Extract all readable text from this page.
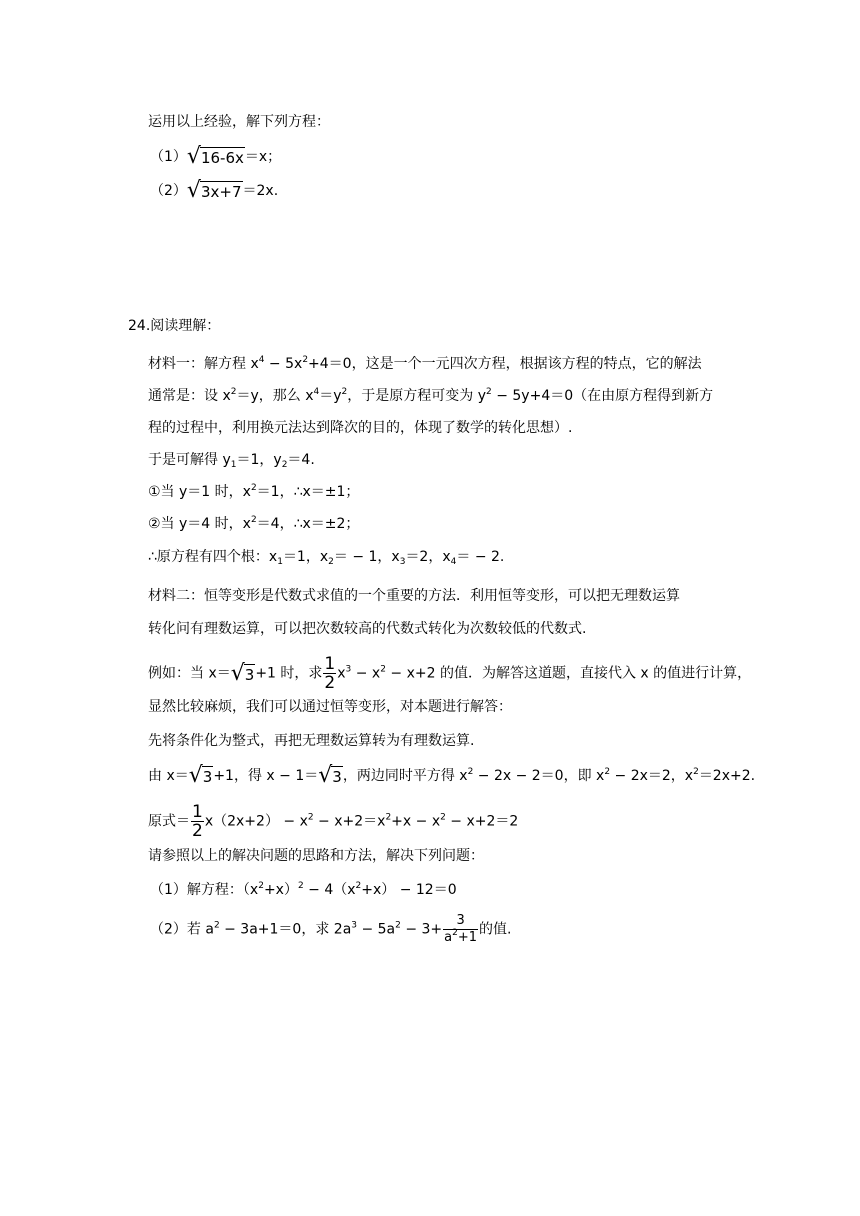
运用以上经验，解下列方程：
（1）√16-6x＝x；
（2）√3x+7＝2x.
24.阅读理解：
材料一：解方程 $x^4 - 5x^2+4=0$，这是一个一元四次方程，根据该方程的特点，它的解法
通常是：设 $x^2=y$，那么 $x^4=y^2$，于是原方程可变为 $y^2 - 5y+4=0$（在由原方程得到新方
程的过程中，利用换元法达到降次的目的，体现了数学的转化思想）.
于是可解得 $y_1=1$，$y_2=4$.
①当 y＝1 时，$x^2=1$，∴x＝±1；
②当 y＝4 时，$x^2=4$，∴x＝±2；
∴原方程有四个根：$x_1=1$，$x_2= - 1$，$x_3=2$，$x_4= - 2$.
材料二：恒等变形是代数式求值的一个重要的方法．利用恒等变形，可以把无理数运算
转化问有理数运算，可以把次数较高的代数式转化为次数较低的代数式.
例如：当 x＝√3+1 时，求 $\frac{1}{2} x^3 - x^2 - x+2$ 的值．为解答这道题，直接代入 x 的值进行计算，
显然比较麻烦，我们可以通过恒等变形，对本题进行解答：
先将条件化为整式，再把无理数运算转为有理数运算.
由 x＝√3+1，得 x − 1＝√3，两边同时平方得 $x^2 - 2x - 2=0$，即 $x^2 - 2x=2$，$x^2=2x+2$.
原式＝ $\frac{1}{2} x(2x+2) - x^2 - x+2=x^2+x - x^2 - x+2=2$
请参照以上的解决问题的思路和方法，解决下列问题：
（1）解方程：$(x^2+x)^2 - 4(x^2+x) - 12=0$
（2）若 $a^2 - 3a+1=0$，求 $2a^3 - 5a^2 - 3+ \frac{3}{a^2+1}$ 的值.
